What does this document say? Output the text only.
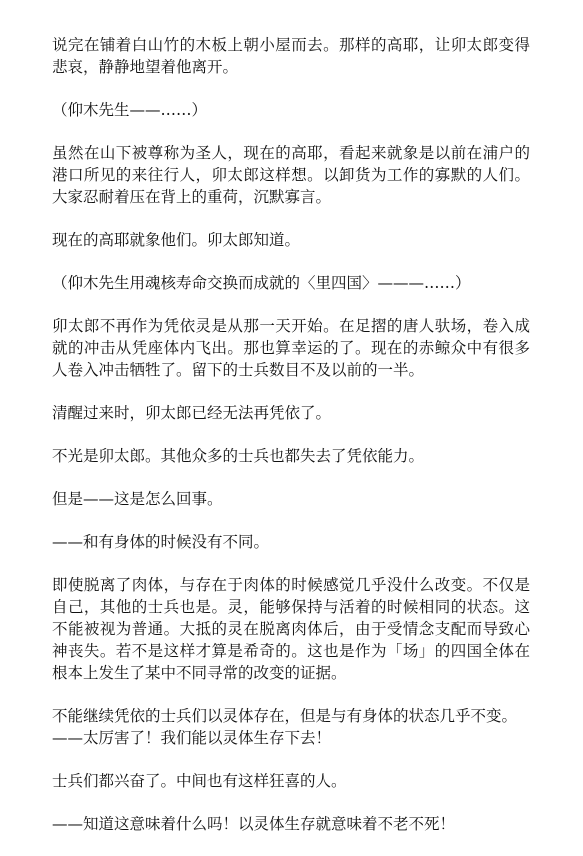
说完在铺着白山竹的木板上朝小屋而去。那样的高耶，让卯太郎变得悲哀，静静地望着他离开。

（仰木先生——……）

虽然在山下被尊称为圣人，现在的高耶，看起来就象是以前在浦户的港口所见的来往行人，卯太郎这样想。以卸货为工作的寡默的人们。大家忍耐着压在背上的重荷，沉默寡言。

现在的高耶就象他们。卯太郎知道。

（仰木先生用魂核寿命交换而成就的〈里四国〉———……）

卯太郎不再作为凭依灵是从那一天开始。在足摺的唐人驮场，卷入成就的冲击从凭座体内飞出。那也算幸运的了。现在的赤鲸众中有很多人卷入冲击牺牲了。留下的士兵数目不及以前的一半。

清醒过来时，卯太郎已经无法再凭依了。

不光是卯太郎。其他众多的士兵也都失去了凭依能力。

但是——这是怎么回事。

——和有身体的时候没有不同。

即使脱离了肉体，与存在于肉体的时候感觉几乎没什么改变。不仅是自己，其他的士兵也是。灵，能够保持与活着的时候相同的状态。这不能被视为普通。大抵的灵在脱离肉体后，由于受情念支配而导致心神丧失。若不是这样才算是希奇的。这也是作为「场」的四国全体在根本上发生了某中不同寻常的改变的证据。

不能继续凭依的士兵们以灵体存在，但是与有身体的状态几乎不变。

——太厉害了！我们能以灵体生存下去！

士兵们都兴奋了。中间也有这样狂喜的人。

——知道这意味着什么吗！以灵体生存就意味着不老不死！
